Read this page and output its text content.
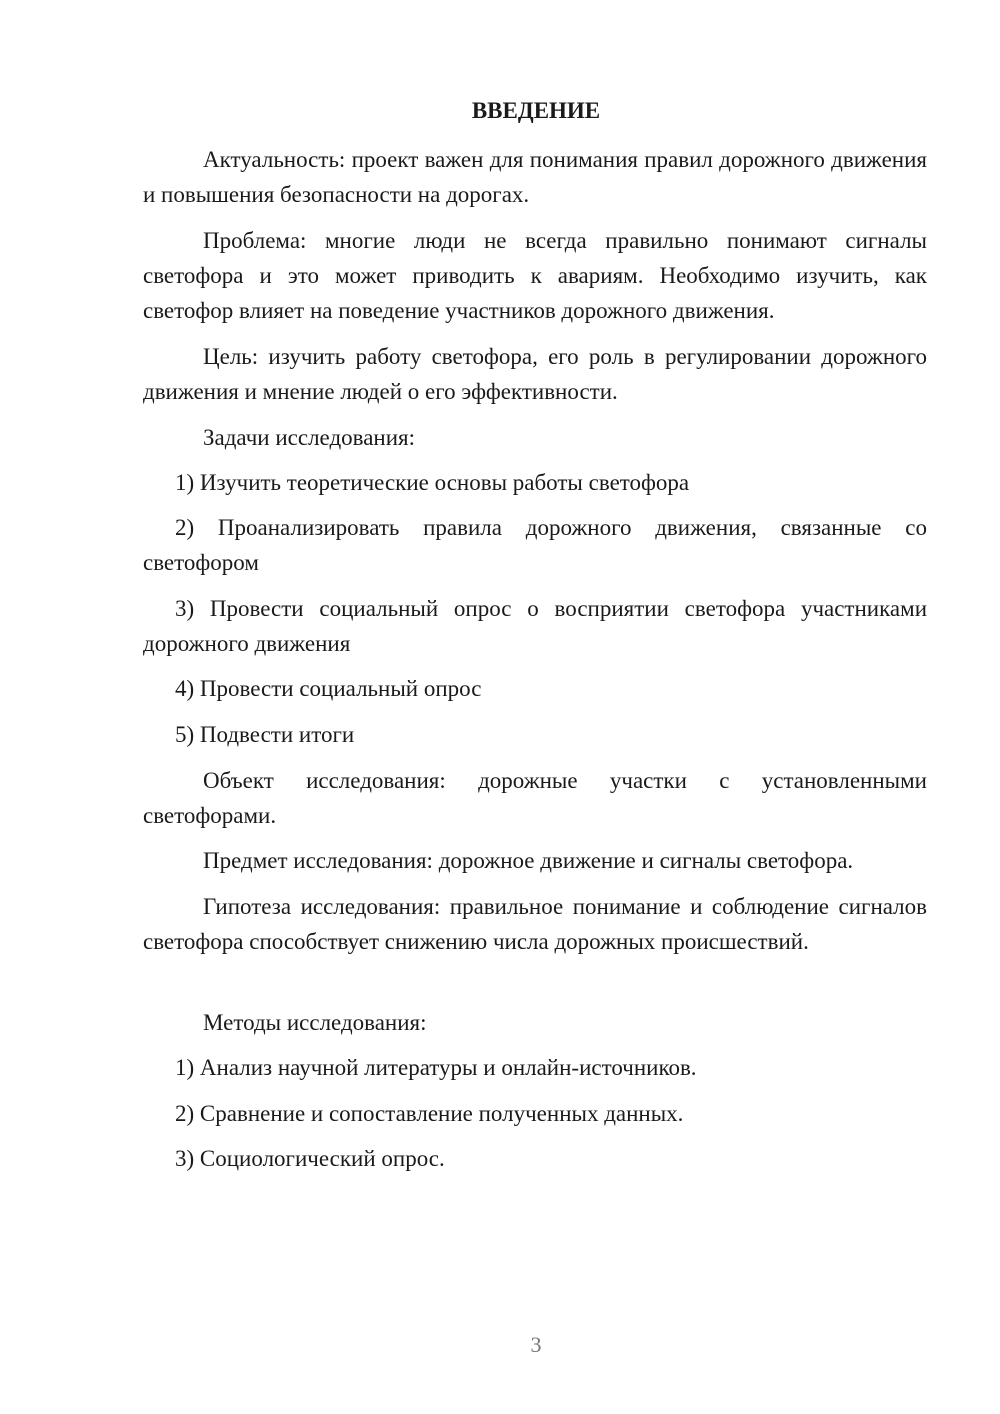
ВВЕДЕНИЕ

Актуальность: проект важен для понимания правил дорожного движения и повышения безопасности на дорогах.

Проблема: многие люди не всегда правильно понимают сигналы светофора и это может приводить к авариям. Необходимо изучить, как светофор влияет на поведение участников дорожного движения.

Цель: изучить работу светофора, его роль в регулировании дорожного движения и мнение людей о его эффективности.

Задачи исследования:

1) Изучить теоретические основы работы светофора

2) Проанализировать правила дорожного движения, связанные со светофором

3) Провести социальный опрос о восприятии светофора участниками дорожного движения

4) Провести социальный опрос

5) Подвести итоги

Объект исследования: дорожные участки с установленными светофорами.

Предмет исследования: дорожное движение и сигналы светофора.

Гипотеза исследования: правильное понимание и соблюдение сигналов светофора способствует снижению числа дорожных происшествий.

Методы исследования:

1) Анализ научной литературы и онлайн-источников.

2) Сравнение и сопоставление полученных данных.

3) Социологический опрос.

3
